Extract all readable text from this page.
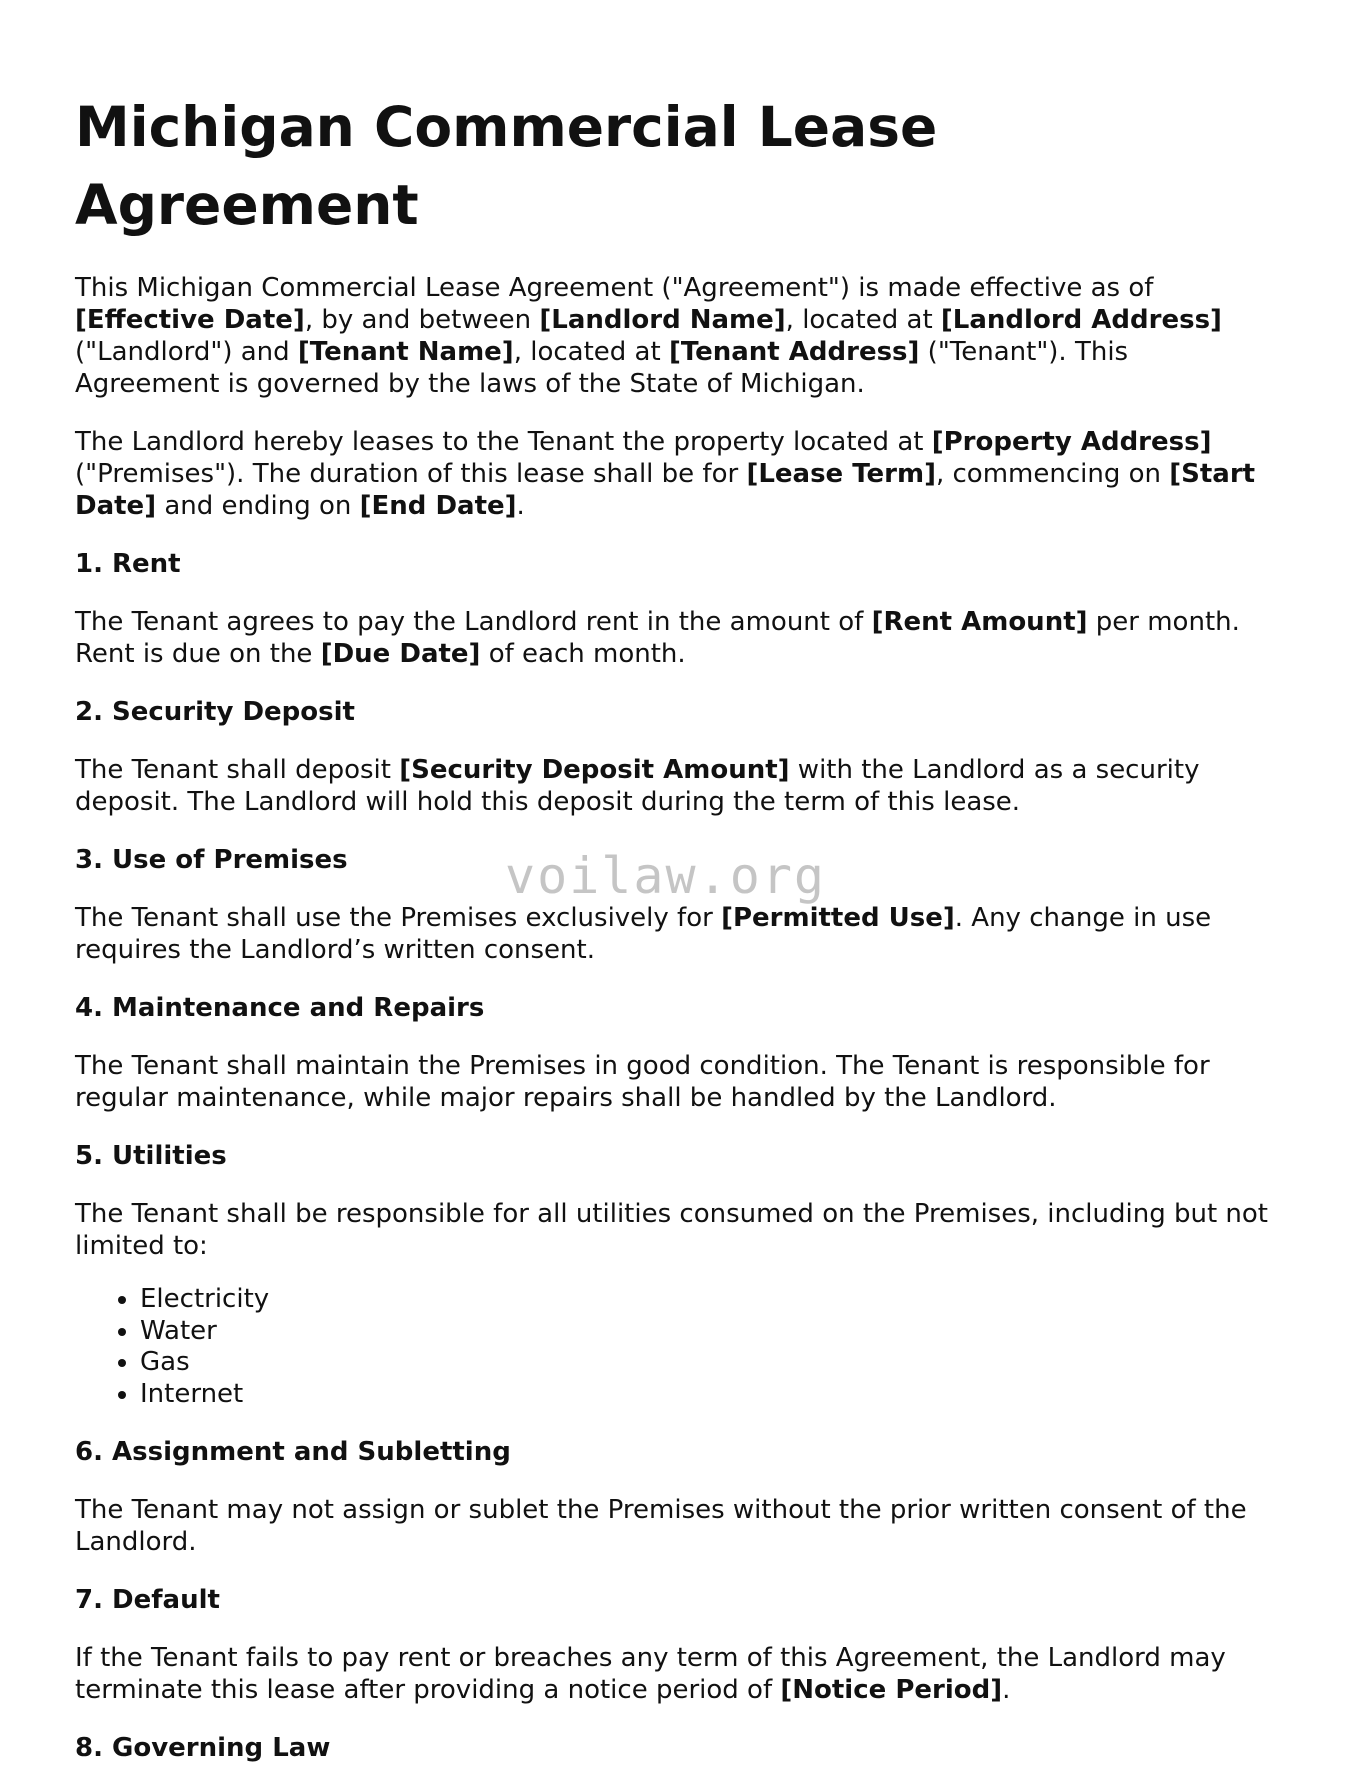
Michigan Commercial Lease Agreement

This Michigan Commercial Lease Agreement ("Agreement") is made effective as of [Effective Date], by and between [Landlord Name], located at [Landlord Address] ("Landlord") and [Tenant Name], located at [Tenant Address] ("Tenant"). This Agreement is governed by the laws of the State of Michigan.

The Landlord hereby leases to the Tenant the property located at [Property Address] ("Premises"). The duration of this lease shall be for [Lease Term], commencing on [Start Date] and ending on [End Date].

1. Rent

The Tenant agrees to pay the Landlord rent in the amount of [Rent Amount] per month. Rent is due on the [Due Date] of each month.

2. Security Deposit

The Tenant shall deposit [Security Deposit Amount] with the Landlord as a security deposit. The Landlord will hold this deposit during the term of this lease.

3. Use of Premises

The Tenant shall use the Premises exclusively for [Permitted Use]. Any change in use requires the Landlord’s written consent.

4. Maintenance and Repairs

The Tenant shall maintain the Premises in good condition. The Tenant is responsible for regular maintenance, while major repairs shall be handled by the Landlord.

5. Utilities

The Tenant shall be responsible for all utilities consumed on the Premises, including but not limited to:

• Electricity
• Water
• Gas
• Internet
6. Assignment and Subletting

The Tenant may not assign or sublet the Premises without the prior written consent of the Landlord.

7. Default

If the Tenant fails to pay rent or breaches any term of this Agreement, the Landlord may terminate this lease after providing a notice period of [Notice Period].

8. Governing Law
voilaw.org
